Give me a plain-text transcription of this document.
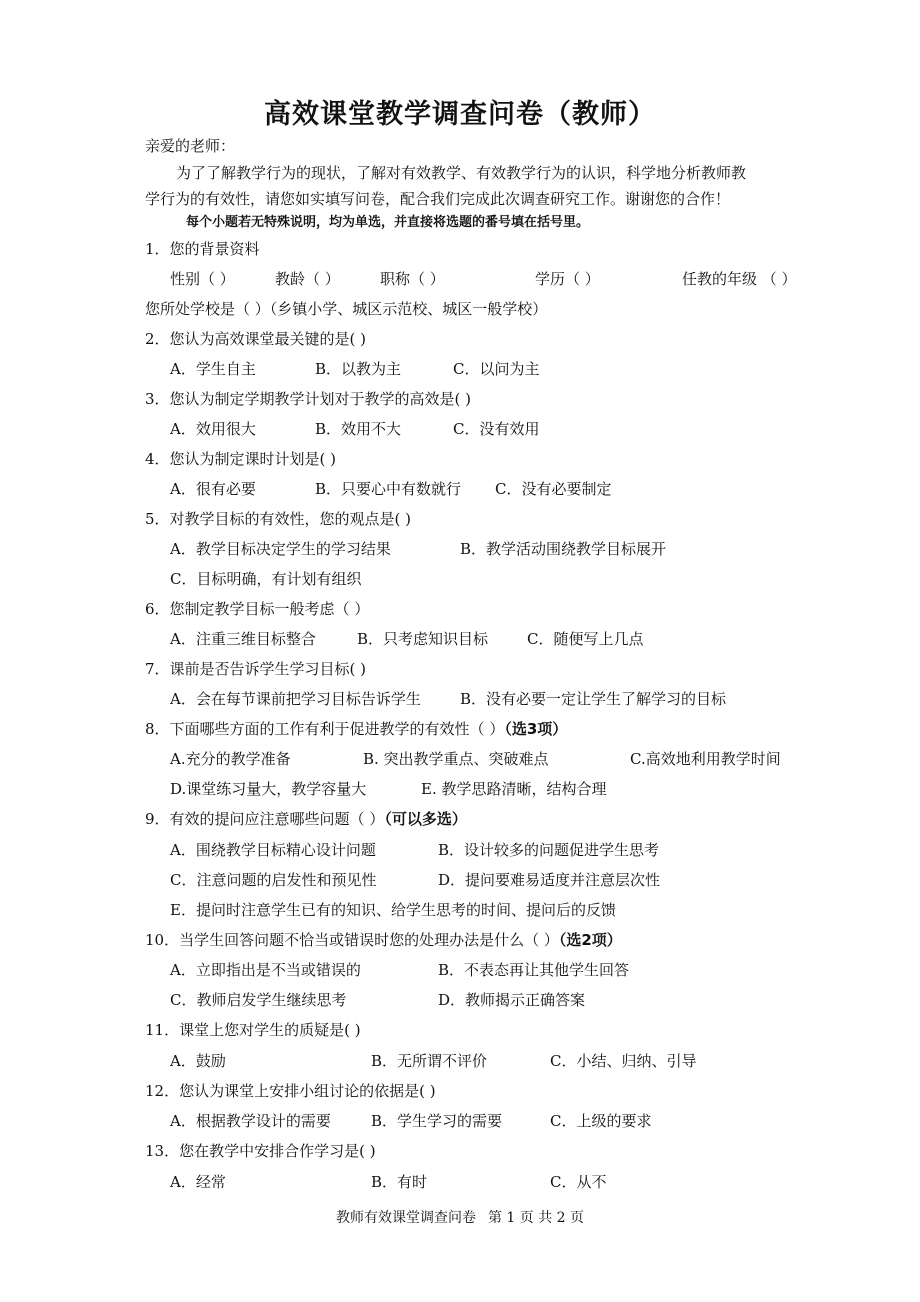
高效课堂教学调查问卷（教师）
亲爱的老师：
为了了解教学行为的现状，了解对有效教学、有效教学行为的认识，科学地分析教师教
学行为的有效性，请您如实填写问卷，配合我们完成此次调查研究工作。谢谢您的合作！
每个小题若无特殊说明，均为单选，并直接将选题的番号填在括号里。
1．您的背景资料
性别（ ）	教龄（ ）	职称（ ）	学历（ ）	任教的年级 （ ）
您所处学校是（ ）（乡镇小学、城区示范校、城区一般学校）
2．您认为高效课堂最关键的是( )
A．学生自主	B．以教为主	C．以问为主
3．您认为制定学期教学计划对于教学的高效是( )
A．效用很大	B．效用不大	C．没有效用
4．您认为制定课时计划是( )
A．很有必要	B．只要心中有数就行 C．没有必要制定
5．对教学目标的有效性，您的观点是( )
A．教学目标决定学生的学习结果	B．教学活动围绕教学目标展开
C．目标明确，有计划有组织
6．您制定教学目标一般考虑（ ）
A．注重三维目标整合	B．只考虑知识目标	C．随便写上几点
7．课前是否告诉学生学习目标( )
A．会在每节课前把学习目标告诉学生	B．没有必要一定让学生了解学习的目标
8．下面哪些方面的工作有利于促进教学的有效性（ ）（选3项）
A.充分的教学准备	B. 突出教学重点、突破难点	C.高效地利用教学时间
D.课堂练习量大，教学容量大	E. 教学思路清晰，结构合理
9．有效的提问应注意哪些问题（ ）（可以多选）
A．围绕教学目标精心设计问题	B．设计较多的问题促进学生思考
C．注意问题的启发性和预见性	D．提问要难易适度并注意层次性
E．提问时注意学生已有的知识、给学生思考的时间、提问后的反馈
10．当学生回答问题不恰当或错误时您的处理办法是什么（ ）（选2项）
A．立即指出是不当或错误的	B．不表态再让其他学生回答
C．教师启发学生继续思考	D．教师揭示正确答案
11．课堂上您对学生的质疑是( )
A．鼓励	B．无所谓不评价	C．小结、归纳、引导
12．您认为课堂上安排小组讨论的依据是( )
A．根据教学设计的需要	B．学生学习的需要	C．上级的要求
13．您在教学中安排合作学习是( )
A．经常	B．有时	C．从不
教师有效课堂调查问卷 第 1 页 共 2 页
